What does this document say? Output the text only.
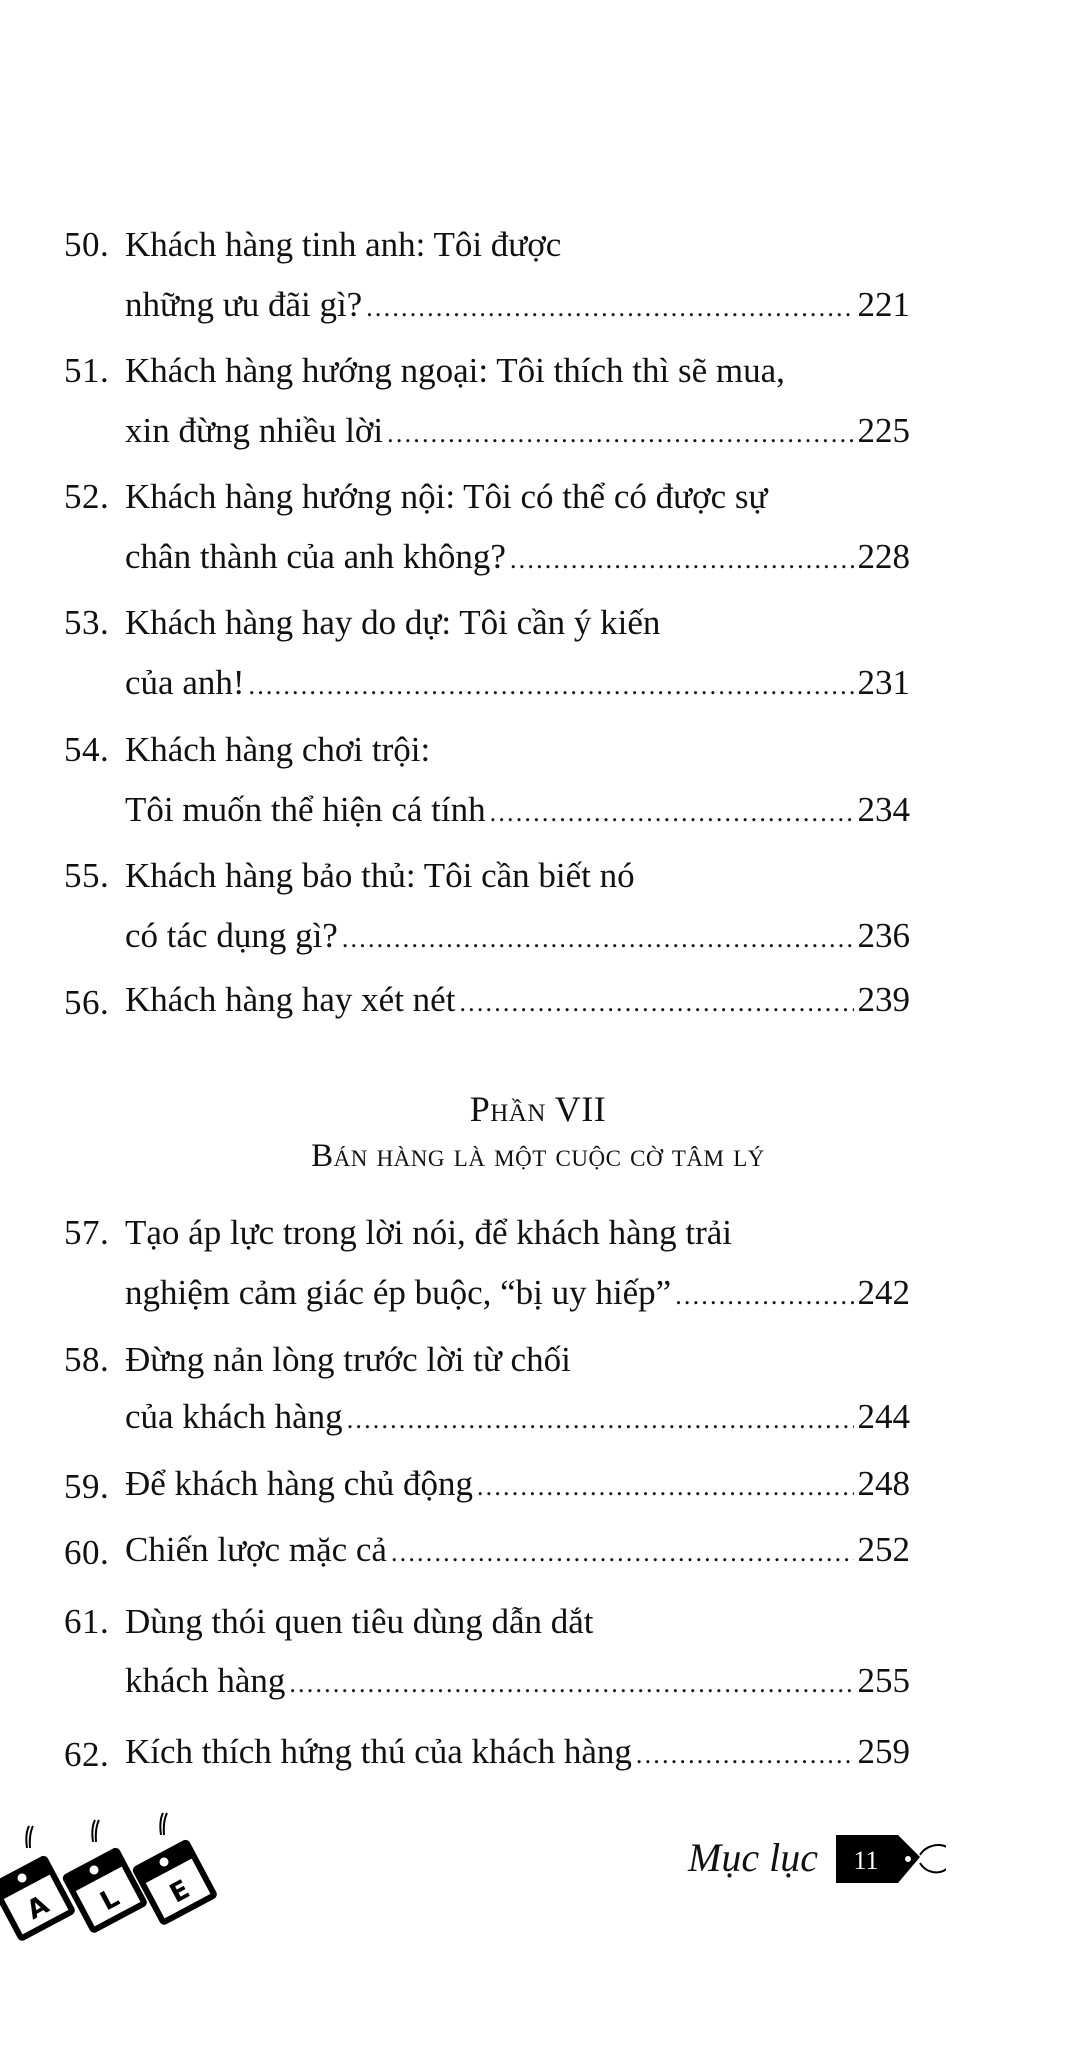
50. Khách hàng tinh anh: Tôi được
những ưu đãi gì? .....	221
51. Khách hàng hướng ngoại: Tôi thích thì sẽ mua,
xin đừng nhiều lời .....	225
52. Khách hàng hướng nội: Tôi có thể có được sự
chân thành của anh không? .....	228
53. Khách hàng hay do dự: Tôi cần ý kiến
của anh! .....	231
54. Khách hàng chơi trội:
Tôi muốn thể hiện cá tính .....	234
55. Khách hàng bảo thủ: Tôi cần biết nó
có tác dụng gì? .....	236
56. Khách hàng hay xét nét .....	239
Phần VII
Bán hàng là một cuộc cờ tâm lý
57. Tạo áp lực trong lời nói, để khách hàng trải
nghiệm cảm giác ép buộc, “bị uy hiếp” .....	242
58. Đừng nản lòng trước lời từ chối
của khách hàng .....	244
59. Để khách hàng chủ động .....	248
60. Chiến lược mặc cả .....	252
61. Dùng thói quen tiêu dùng dẫn dắt
khách hàng .....	255
62. Kích thích hứng thú của khách hàng .....	259
A L E
Mục lục 11
